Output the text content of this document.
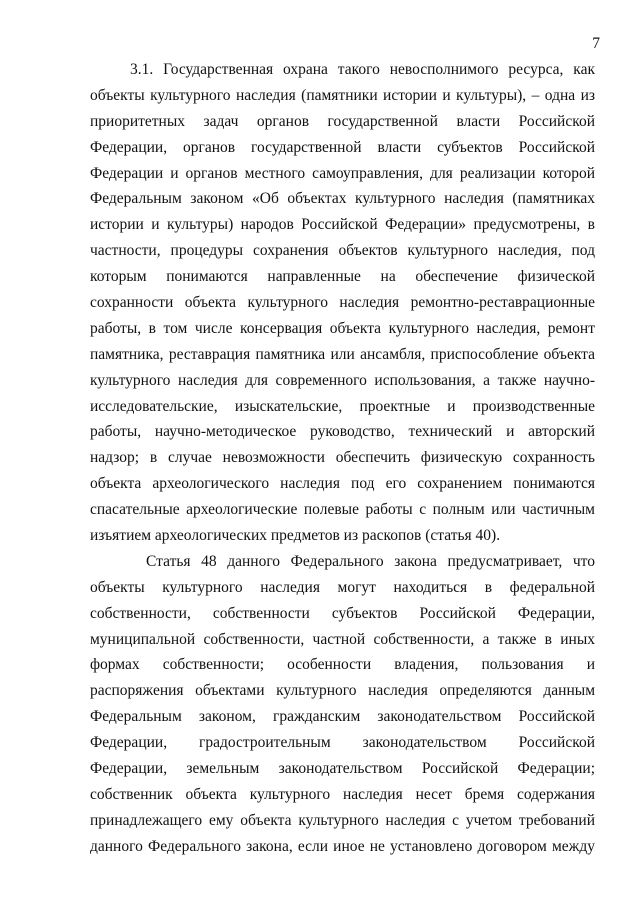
7
3.1. Государственная охрана такого невосполнимого ресурса, как
объекты культурного наследия (памятники истории и культуры), – одна из
приоритетных задач органов государственной власти Российской
Федерации, органов государственной власти субъектов Российской
Федерации и органов местного самоуправления, для реализации которой
Федеральным законом «Об объектах культурного наследия (памятниках
истории и культуры) народов Российской Федерации» предусмотрены, в
частности, процедуры сохранения объектов культурного наследия, под
которым понимаются направленные на обеспечение физической
сохранности объекта культурного наследия ремонтно-реставрационные
работы, в том числе консервация объекта культурного наследия, ремонт
памятника, реставрация памятника или ансамбля, приспособление объекта
культурного наследия для современного использования, а также научно-
исследовательские, изыскательские, проектные и производственные
работы, научно-методическое руководство, технический и авторский
надзор; в случае невозможности обеспечить физическую сохранность
объекта археологического наследия под его сохранением понимаются
спасательные археологические полевые работы с полным или частичным
изъятием археологических предметов из раскопов (статья 40).
Статья 48 данного Федерального закона предусматривает, что
объекты культурного наследия могут находиться в федеральной
собственности, собственности субъектов Российской Федерации,
муниципальной собственности, частной собственности, а также в иных
формах собственности; особенности владения, пользования и
распоряжения объектами культурного наследия определяются данным
Федеральным законом, гражданским законодательством Российской
Федерации, градостроительным законодательством Российской
Федерации, земельным законодательством Российской Федерации;
собственник объекта культурного наследия несет бремя содержания
принадлежащего ему объекта культурного наследия с учетом требований
данного Федерального закона, если иное не установлено договором между
